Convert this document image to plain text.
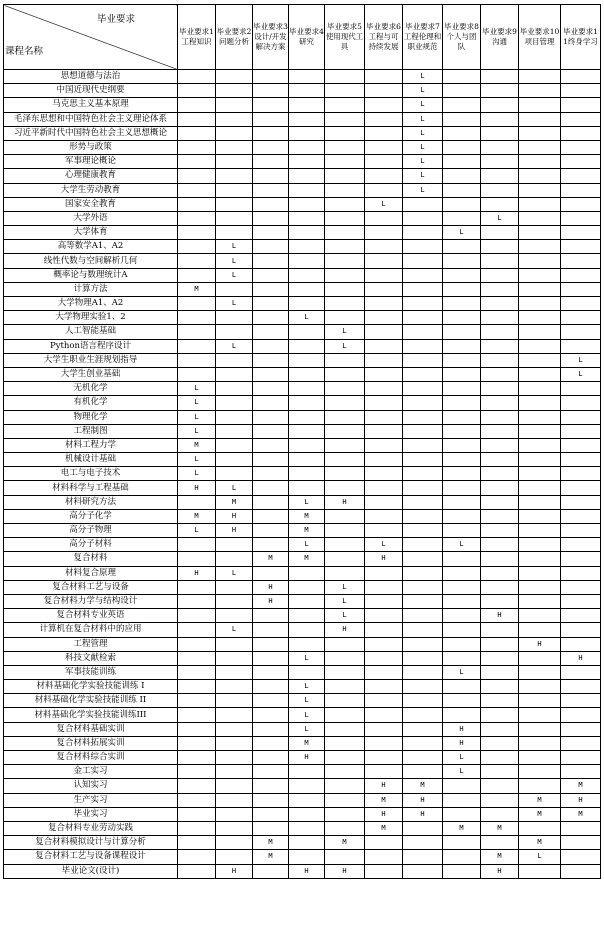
毕业要求
课程名称	毕业要求1工程知识	毕业要求2问题分析	毕业要求3设计/开发解决方案	毕业要求4研究	毕业要求5使用现代工具	毕业要求6工程与可持续发展	毕业要求7工程伦理和职业规范	毕业要求8个人与团队	毕业要求9沟通	毕业要求10项目管理	毕业要求11终身学习
思想道德与法治							L				
中国近现代史纲要							L				
马克思主义基本原理							L				
毛泽东思想和中国特色社会主义理论体系							L				
习近平新时代中国特色社会主义思想概论							L				
形势与政策							L				
军事理论概论							L				
心理健康教育							L				
大学生劳动教育							L				
国家安全教育						L					
大学外语									L		
大学体育								L			
高等数学A1、A2		L									
线性代数与空间解析几何		L									
概率论与数理统计A		L									
计算方法	M										
大学物理A1、A2		L									
大学物理实验1、2				L							
人工智能基础					L						
Python语言程序设计		L			L						
大学生职业生涯规划指导											L
大学生创业基础											L
无机化学	L										
有机化学	L										
物理化学	L										
工程制图	L										
材料工程力学	M										
机械设计基础	L										
电工与电子技术	L										
材料科学与工程基础	H	L									
材料研究方法		M		L	H						
高分子化学	M	H		M							
高分子物理	L	H		M							
高分子材料				L		L		L			
复合材料			M	M		H					
材料复合原理	H	L									
复合材料工艺与设备			H		L						
复合材料力学与结构设计			H		L						
复合材料专业英语					L				H		
计算机在复合材料中的应用		L			H						
工程管理										H	
科技文献检索				L							H
军事技能训练								L			
材料基础化学实验技能训练 I				L							
材料基础化学实验技能训练 II				L							
材料基础化学实验技能训练III				L							
复合材料基础实训				L				H			
复合材料拓展实训				M				H			
复合材料综合实训				H				L			
金工实习								L			
认知实习						H	M				M
生产实习						M	H			M	H
毕业实习						H	H			M	M
复合材料专业劳动实践						M		M	M		
复合材料模拟设计与计算分析			M		M					M	
复合材料工艺与设备课程设计			M						M	L	
毕业论文(设计)		H		H	H				H		
